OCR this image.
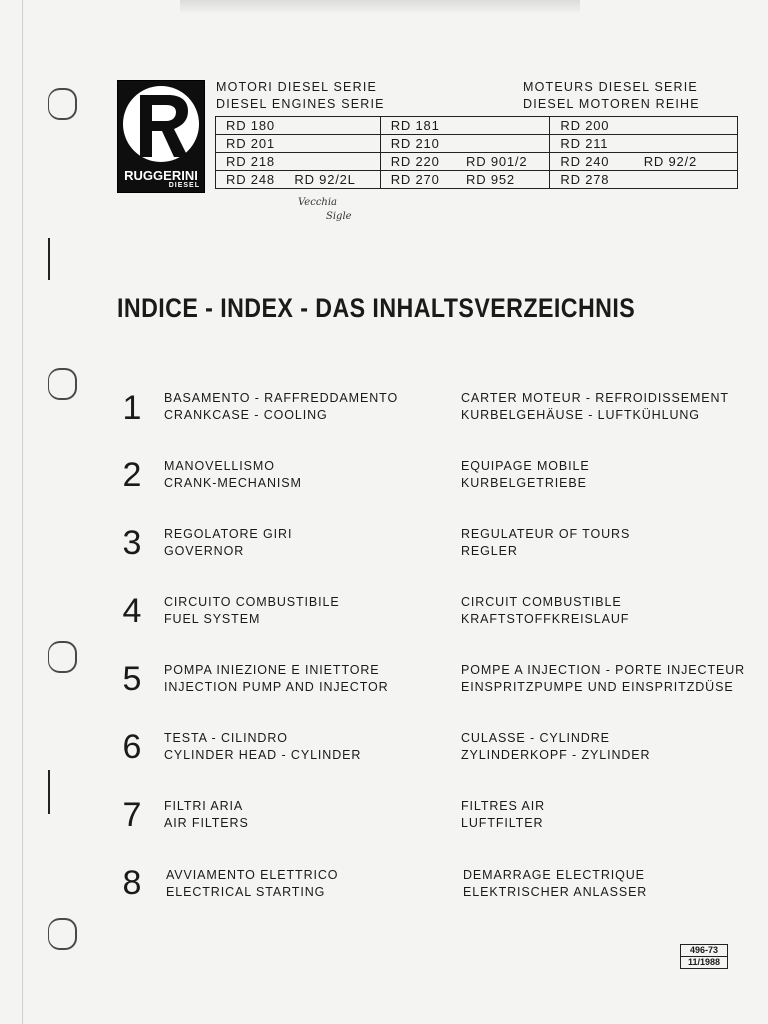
RUGGERINI
DIESEL
MOTORI DIESEL SERIE
DIESEL ENGINES SERIE
MOTEURS DIESEL SERIE
DIESEL MOTOREN REIHE
RD 180		RD 181		RD 200	
RD 201		RD 210		RD 211	
RD 218		RD 220	RD 901/2	RD 240	RD 92/2
RD 248	RD 92/2L	RD 270	RD 952	RD 278	
Vecchia
Sigle
INDICE - INDEX - DAS INHALTSVERZEICHNIS
1	BASAMENTO - RAFFREDDAMENTO
CRANKCASE - COOLING
CARTER MOTEUR - REFROIDISSEMENT
KURBELGEHÄUSE - LUFTKÜHLUNG
2	MANOVELLISMO
CRANK-MECHANISM
EQUIPAGE MOBILE
KURBELGETRIEBE
3	REGOLATORE GIRI
GOVERNOR
REGULATEUR OF TOURS
REGLER
4	CIRCUITO COMBUSTIBILE
FUEL SYSTEM
CIRCUIT COMBUSTIBLE
KRAFTSTOFFKREISLAUF
5	POMPA INIEZIONE E INIETTORE
INJECTION PUMP AND INJECTOR
POMPE A INJECTION - PORTE INJECTEUR
EINSPRITZPUMPE UND EINSPRITZDÜSE
6	TESTA - CILINDRO
CYLINDER HEAD - CYLINDER
CULASSE - CYLINDRE
ZYLINDERKOPF - ZYLINDER
7	FILTRI ARIA
AIR FILTERS
FILTRES AIR
LUFTFILTER
8	AVVIAMENTO ELETTRICO
ELECTRICAL STARTING
DEMARRAGE ELECTRIQUE
ELEKTRISCHER ANLASSER
496-73
11/1988
